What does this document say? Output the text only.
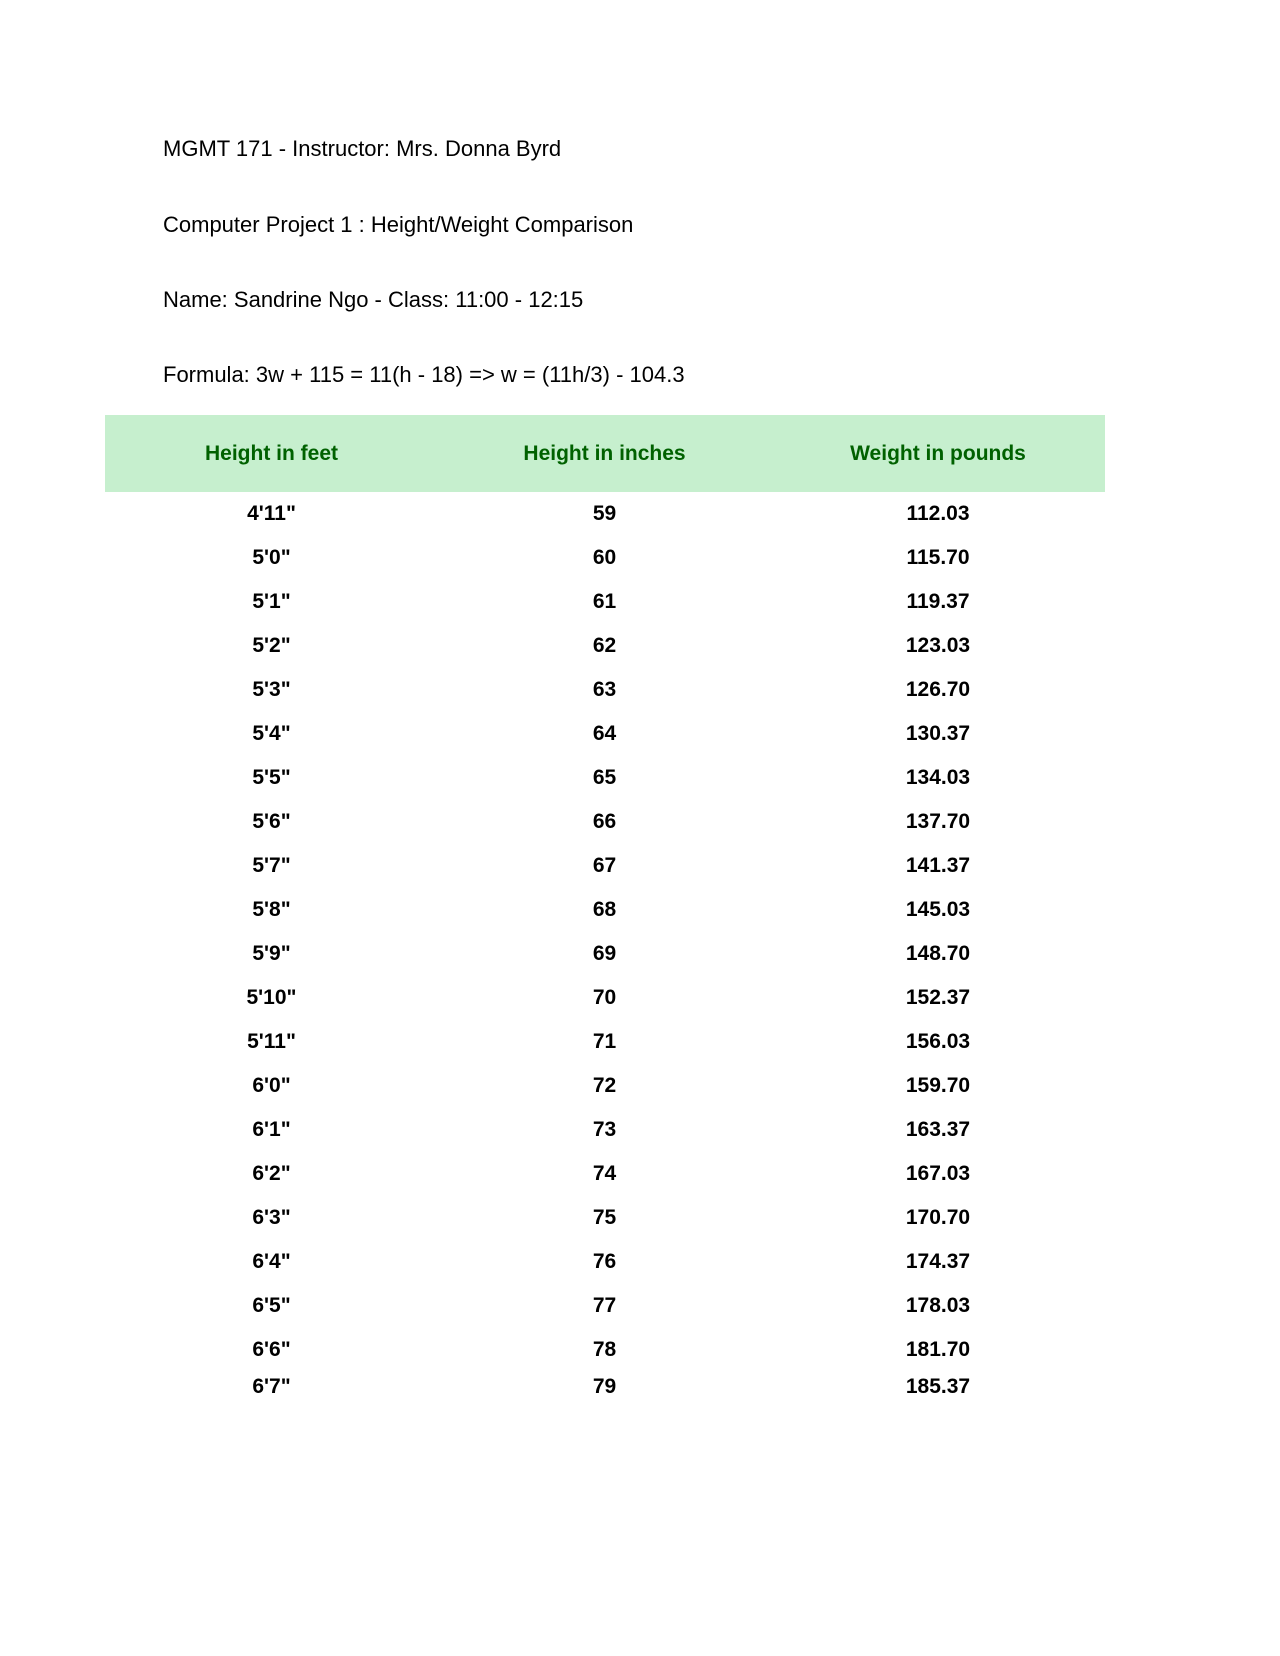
MGMT 171 - Instructor: Mrs. Donna Byrd
Computer Project 1 : Height/Weight Comparison
Name: Sandrine Ngo - Class: 11:00 - 12:15
Formula: 3w + 115 = 11(h - 18) => w = (11h/3) - 104.3
Height in feet	Height in inches	Weight in pounds
4'11"	59	112.03
5'0"	60	115.70
5'1"	61	119.37
5'2"	62	123.03
5'3"	63	126.70
5'4"	64	130.37
5'5"	65	134.03
5'6"	66	137.70
5'7"	67	141.37
5'8"	68	145.03
5'9"	69	148.70
5'10"	70	152.37
5'11"	71	156.03
6'0"	72	159.70
6'1"	73	163.37
6'2"	74	167.03
6'3"	75	170.70
6'4"	76	174.37
6'5"	77	178.03
6'6"	78	181.70
6'7"	79	185.37
